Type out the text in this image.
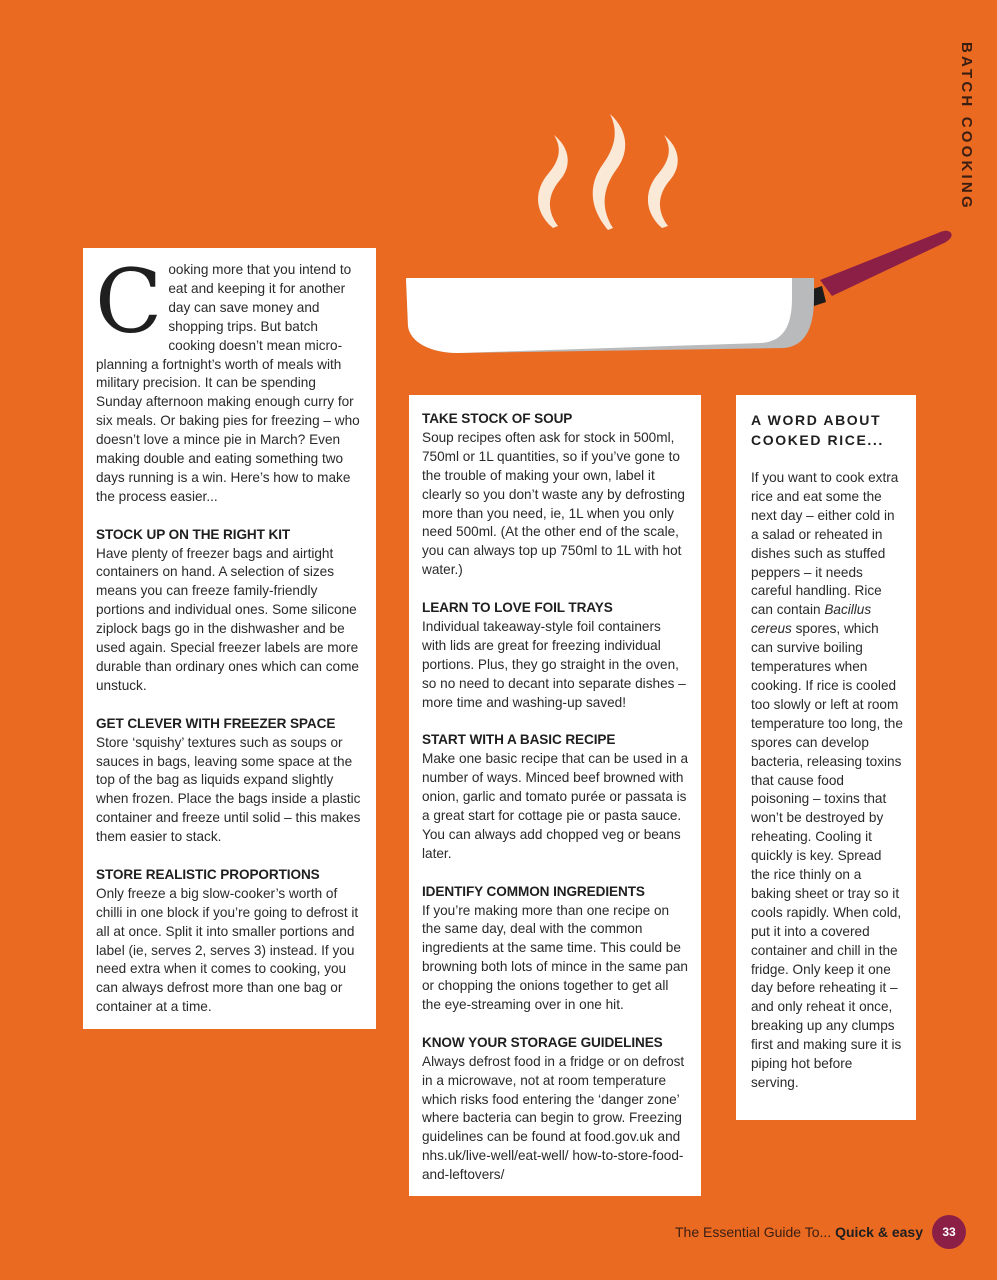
BATCH COOKING

Cooking more that you intend to eat and keeping it for another day can save money and shopping trips. But batch cooking doesn’t mean micro-planning a fortnight’s worth of meals with military precision. It can be spending Sunday afternoon making enough curry for six meals. Or baking pies for freezing – who doesn’t love a mince pie in March? Even making double and eating something two days running is a win. Here’s how to make the process easier...

STOCK UP ON THE RIGHT KIT

Have plenty of freezer bags and airtight containers on hand. A selection of sizes means you can freeze family-friendly portions and individual ones. Some silicone ziplock bags go in the dishwasher and be used again. Special freezer labels are more durable than ordinary ones which can come unstuck.

GET CLEVER WITH FREEZER SPACE

Store ‘squishy’ textures such as soups or sauces in bags, leaving some space at the top of the bag as liquids expand slightly when frozen. Place the bags inside a plastic container and freeze until solid – this makes them easier to stack.

STORE REALISTIC PROPORTIONS

Only freeze a big slow-cooker’s worth of chilli in one block if you’re going to defrost it all at once. Split it into smaller portions and label (ie, serves 2, serves 3) instead. If you need extra when it comes to cooking, you can always defrost more than one bag or container at a time.

TAKE STOCK OF SOUP

Soup recipes often ask for stock in 500ml, 750ml or 1L quantities, so if you’ve gone to the trouble of making your own, label it clearly so you don’t waste any by defrosting more than you need, ie, 1L when you only need 500ml. (At the other end of the scale, you can always top up 750ml to 1L with hot water.)

LEARN TO LOVE FOIL TRAYS

Individual takeaway-style foil containers with lids are great for freezing individual portions. Plus, they go straight in the oven, so no need to decant into separate dishes – more time and washing-up saved!

START WITH A BASIC RECIPE

Make one basic recipe that can be used in a number of ways. Minced beef browned with onion, garlic and tomato purée or passata is a great start for cottage pie or pasta sauce. You can always add chopped veg or beans later.

IDENTIFY COMMON INGREDIENTS

If you’re making more than one recipe on the same day, deal with the common ingredients at the same time. This could be browning both lots of mince in the same pan or chopping the onions together to get all the eye-streaming over in one hit.

KNOW YOUR STORAGE GUIDELINES

Always defrost food in a fridge or on defrost in a microwave, not at room temperature which risks food entering the ‘danger zone’ where bacteria can begin to grow. Freezing guidelines can be found at food.gov.uk and nhs.uk/live-well/eat-well/ how-to-store-food-and-leftovers/

A WORD ABOUT COOKED RICE...

If you want to cook extra rice and eat some the next day – either cold in a salad or reheated in dishes such as stuffed peppers – it needs careful handling. Rice can contain Bacillus cereus spores, which can survive boiling temperatures when cooking. If rice is cooled too slowly or left at room temperature too long, the spores can develop bacteria, releasing toxins that cause food poisoning – toxins that won’t be destroyed by reheating. Cooling it quickly is key. Spread the rice thinly on a baking sheet or tray so it cools rapidly. When cold, put it into a covered container and chill in the fridge. Only keep it one day before reheating it – and only reheat it once, breaking up any clumps first and making sure it is piping hot before serving.

The Essential Guide To... Quick & easy	33
